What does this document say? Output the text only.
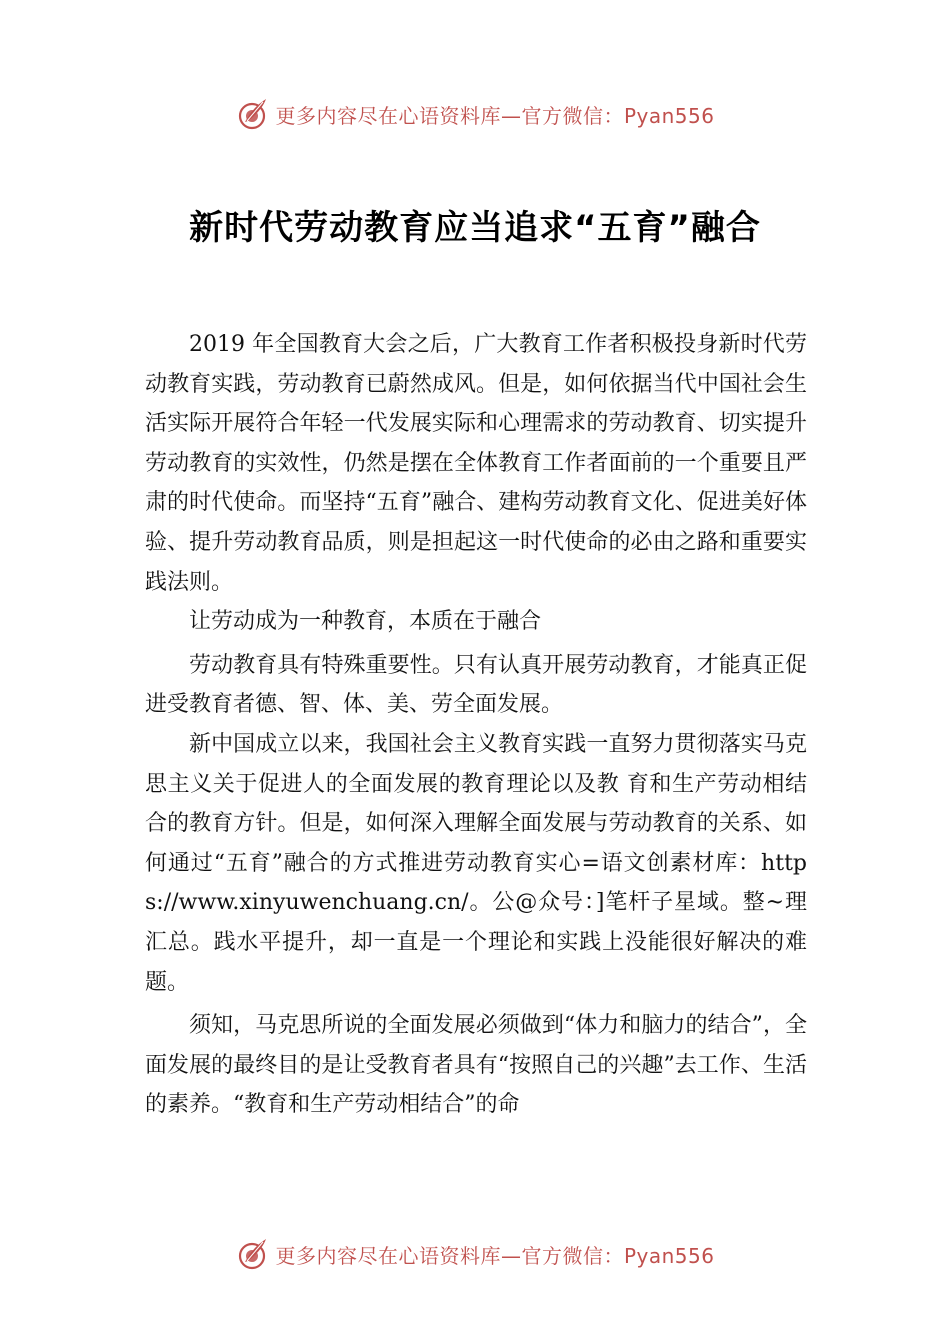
更多内容尽在心语资料库—官方微信：Pyan556
新时代劳动教育应当追求“五育”融合

2019 年全国教育大会之后，广大教育工作者积极投身新时代劳动教育实践，劳动教育已蔚然成风。但是，如何依据当代中国社会生活实际开展符合年轻一代发展实际和心理需求的劳动教育、切实提升劳动教育的实效性，仍然是摆在全体教育工作者面前的一个重要且严肃的时代使命。而坚持“五育”融合、建构劳动教育文化、促进美好体验、提升劳动教育品质，则是担起这一时代使命的必由之路和重要实践法则。

让劳动成为一种教育，本质在于融合

劳动教育具有特殊重要性。只有认真开展劳动教育，才能真正促进受教育者德、智、体、美、劳全面发展。

新中国成立以来，我国社会主义教育实践一直努力贯彻落实马克思主义关于促进人的全面发展的教育理论以及教 育和生产劳动相结合的教育方针。但是，如何深入理解全面发展与劳动教育的关系、如何通过“五育”融合的方式推进劳动教育实心=语文创素材库：https://www.xinyuwenchuang.cn/。公@众号：]笔杆子星域。整~理汇总。践水平提升，却一直是一个理论和实践上没能很好解决的难题。

须知，马克思所说的全面发展必须做到“体力和脑力的结合”，全面发展的最终目的是让受教育者具有“按照自己的兴趣”去工作、生活的素养。“教育和生产劳动相结合”的命

更多内容尽在心语资料库—官方微信：Pyan556
